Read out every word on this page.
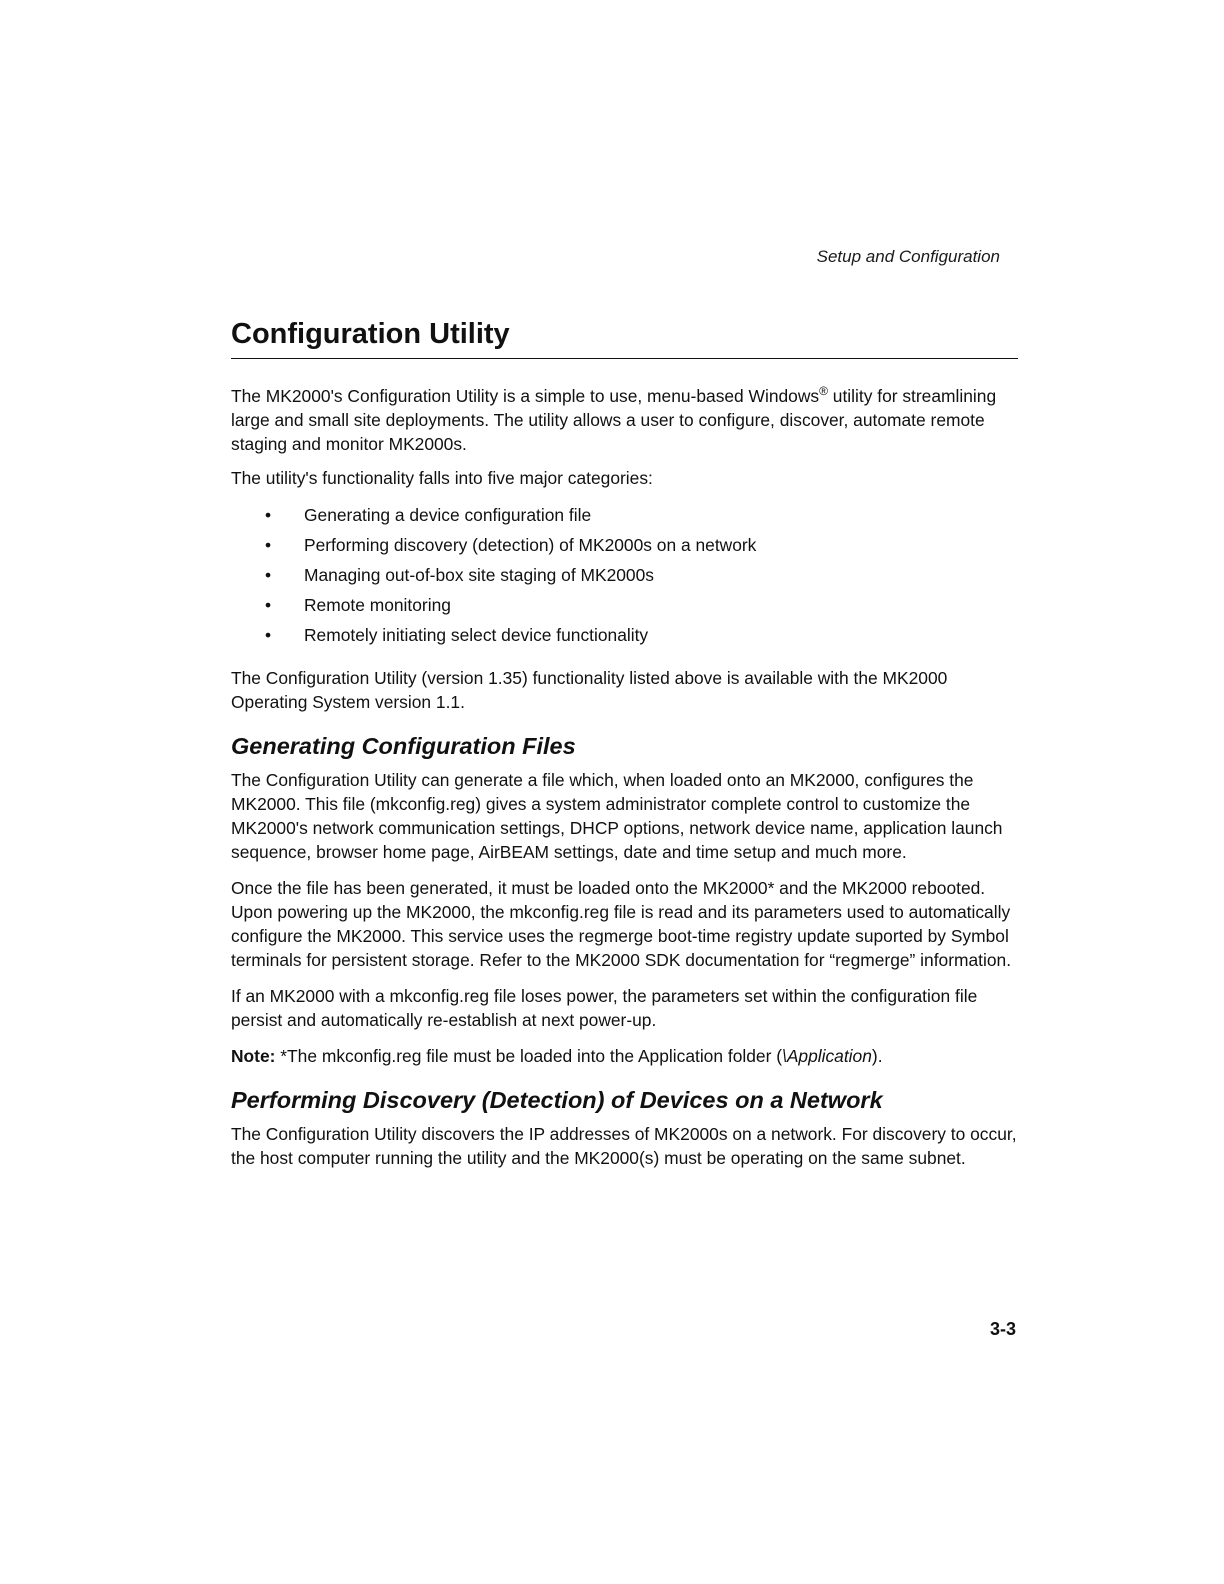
Setup and Configuration
Configuration Utility

The MK2000's Configuration Utility is a simple to use, menu-based Windows® utility for streamlining large and small site deployments. The utility allows a user to configure, discover, automate remote staging and monitor MK2000s.

The utility's functionality falls into five major categories:

• Generating a device configuration file
• Performing discovery (detection) of MK2000s on a network
• Managing out-of-box site staging of MK2000s
• Remote monitoring
• Remotely initiating select device functionality

The Configuration Utility (version 1.35) functionality listed above is available with the MK2000 Operating System version 1.1.

Generating Configuration Files

The Configuration Utility can generate a file which, when loaded onto an MK2000, configures the MK2000. This file (mkconfig.reg) gives a system administrator complete control to customize the MK2000's network communication settings, DHCP options, network device name, application launch sequence, browser home page, AirBEAM settings, date and time setup and much more.

Once the file has been generated, it must be loaded onto the MK2000* and the MK2000 rebooted. Upon powering up the MK2000, the mkconfig.reg file is read and its parameters used to automatically configure the MK2000. This service uses the regmerge boot-time registry update suported by Symbol terminals for persistent storage. Refer to the MK2000 SDK documentation for “regmerge” information.

If an MK2000 with a mkconfig.reg file loses power, the parameters set within the configuration file persist and automatically re-establish at next power-up.

Note: *The mkconfig.reg file must be loaded into the Application folder (\Application).

Performing Discovery (Detection) of Devices on a Network

The Configuration Utility discovers the IP addresses of MK2000s on a network. For discovery to occur, the host computer running the utility and the MK2000(s) must be operating on the same subnet.

3-3
